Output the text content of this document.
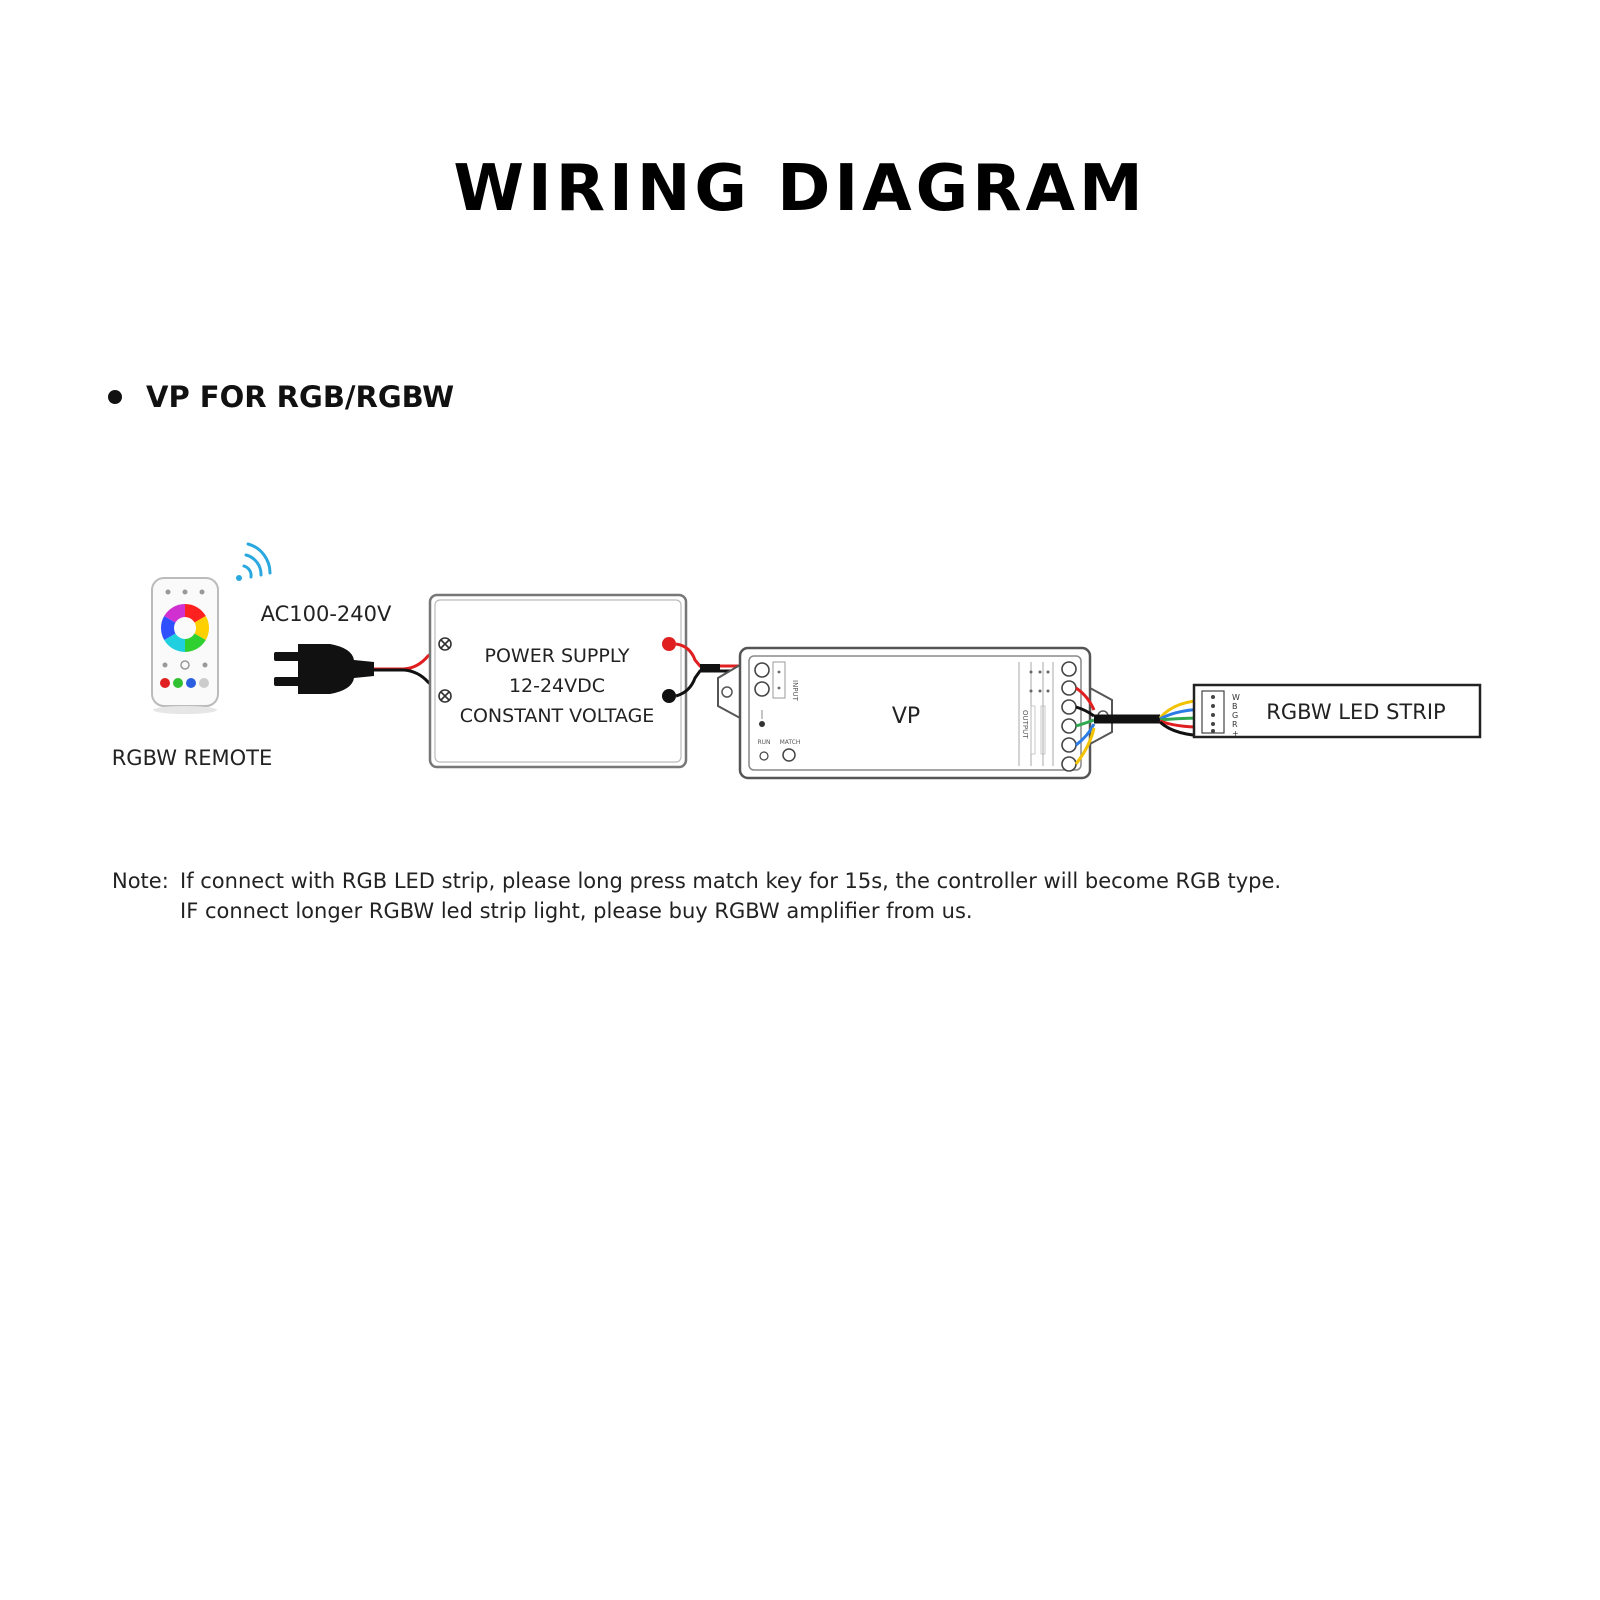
WIRING DIAGRAM
VP FOR RGB/RGBW
RGBW REMOTE
AC100-240V
POWER SUPPLY
12-24VDC
CONSTANT VOLTAGE
INPUT
OUTPUT
RUN MATCH
VP
W
B
G
R
+
RGBW LED STRIP
Note: If connect with RGB LED strip, please long press match key for 15s, the controller will become RGB type.
IF connect longer RGBW led strip light, please buy RGBW amplifier from us.
